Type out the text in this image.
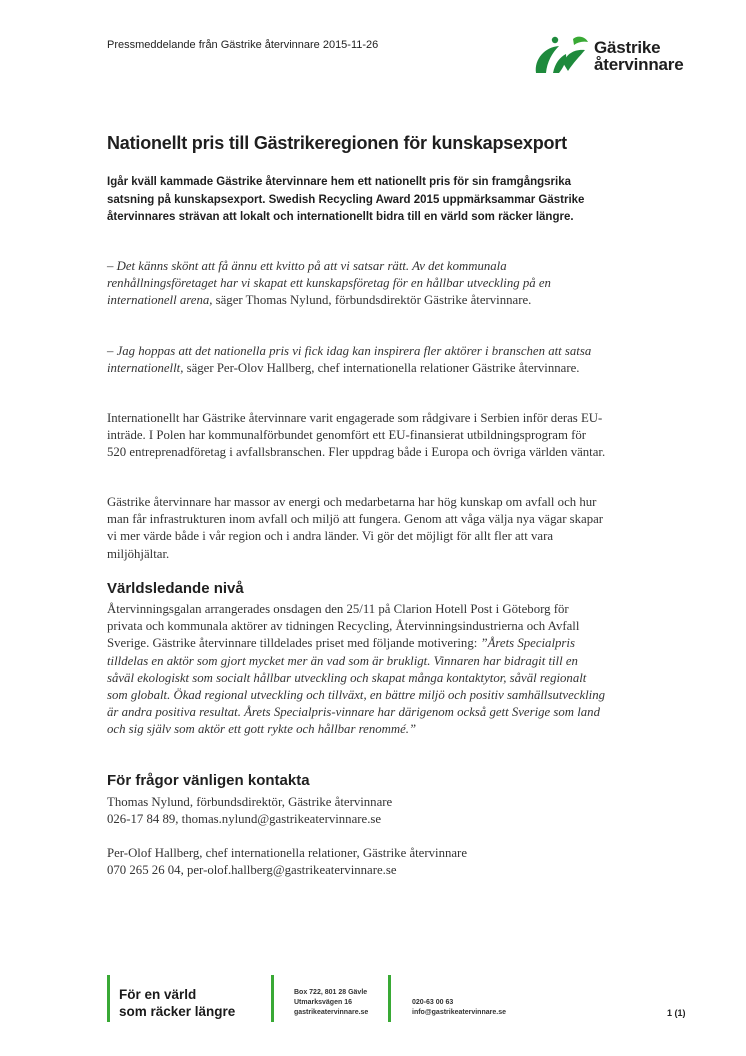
Pressmeddelande från Gästrike återvinnare 2015-11-26	Gästrike
återvinnare
Nationellt pris till Gästrikeregionen för kunskapsexport

Igår kväll kammade Gästrike återvinnare hem ett nationellt pris för sin framgångsrika satsning på kunskapsexport. Swedish Recycling Award 2015 uppmärksammar Gästrike återvinnares strävan att lokalt och internationellt bidra till en värld som räcker längre.

– Det känns skönt att få ännu ett kvitto på att vi satsar rätt. Av det kommunala renhållningsföretaget har vi skapat ett kunskapsföretag för en hållbar utveckling på en internationell arena, säger Thomas Nylund, förbundsdirektör Gästrike återvinnare.

– Jag hoppas att det nationella pris vi fick idag kan inspirera fler aktörer i branschen att satsa internationellt, säger Per-Olov Hallberg, chef internationella relationer Gästrike återvinnare.

Internationellt har Gästrike återvinnare varit engagerade som rådgivare i Serbien inför deras EU-inträde. I Polen har kommunalförbundet genomfört ett EU-finansierat utbildningsprogram för 520 entreprenadföretag i avfallsbranschen. Fler uppdrag både i Europa och övriga världen väntar.

Gästrike återvinnare har massor av energi och medarbetarna har hög kunskap om avfall och hur man får infrastrukturen inom avfall och miljö att fungera. Genom att våga välja nya vägar skapar vi mer värde både i vår region och i andra länder. Vi gör det möjligt för allt fler att vara miljöhjältar.

Världsledande nivå

Återvinningsgalan arrangerades onsdagen den 25/11 på Clarion Hotell Post i Göteborg för privata och kommunala aktörer av tidningen Recycling, Återvinningsindustrierna och Avfall Sverige. Gästrike återvinnare tilldelades priset med följande motivering: ”Årets Specialpris tilldelas en aktör som gjort mycket mer än vad som är brukligt. Vinnaren har bidragit till en såväl ekologiskt som socialt hållbar utveckling och skapat många kontaktytor, såväl regionalt som globalt. Ökad regional utveckling och tillväxt, en bättre miljö och positiv samhällsutveckling är andra positiva resultat. Årets Specialpris-vinnare har därigenom också gett Sverige som land och sig själv som aktör ett gott rykte och hållbar renommé.”

För frågor vänligen kontakta

Thomas Nylund, förbundsdirektör, Gästrike återvinnare
026-17 84 89, thomas.nylund@gastrikeatervinnare.se

Per-Olof Hallberg, chef internationella relationer, Gästrike återvinnare
070 265 26 04, per-olof.hallberg@gastrikeatervinnare.se

För en värld
som räcker längre
Box 722, 801 28 Gävle
Utmarksvägen 16
gastrikeatervinnare.se
020-63 00 63
info@gastrikeatervinnare.se	1 (1)
